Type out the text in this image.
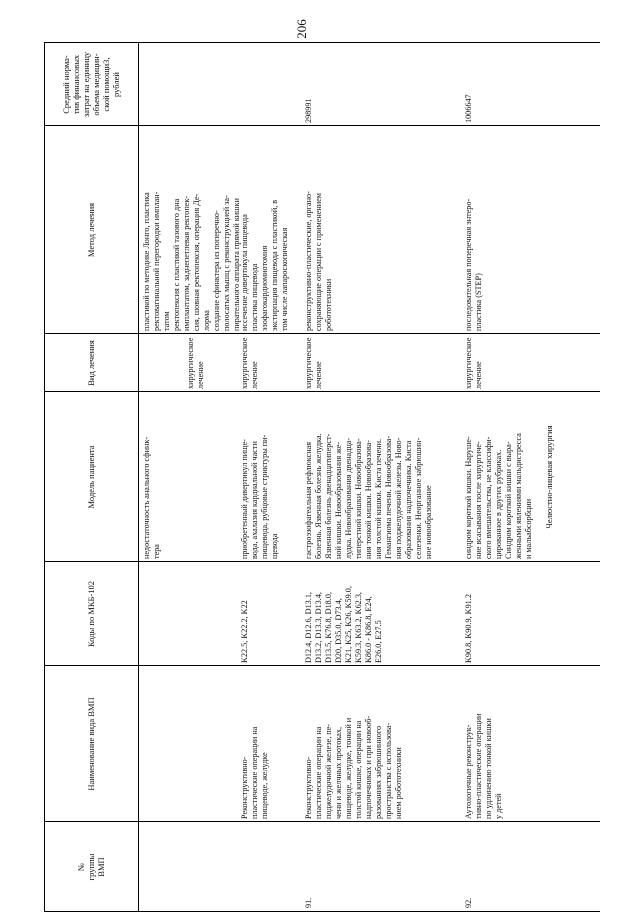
206
№ группы ВМП
Наименование вида ВМП
Коды по МКБ-102
Модель пациента
Вид лечения
Метод лечения
Средний норма- тив финансовых затрат на единицу объема медицин- ской помощи3, рублей
недостаточность анального сфинк- тера
хирургическое лечение
пластикой по методике Лонго, пластика ректовагинальной перегородки имплан- татом ректопексия с пластикой тазового дна имплантатом, заднепетлевая ректопек- сия, шовная ректопексия, операция Де- лорма создание сфинктера из поперечно- полосатых мышц с реконструкцией за- пирательного аппарата прямой кишки
Реконструктивно- пластические операции на пищеводе, желудке
K22.5, K22.2, K22
приобретенный дивертикул пище- вода, ахалазия кардиальной части пищевода, рубцовые стриктуры пи- щевода
хирургическое лечение
иссечение дивертикула пищевода пластика пищевода эзофагокардиомиотомия экстирпация пищевода с пластикой, в том числе лапароскопическая
91.
Реконструктивно- пластические операции на поджелудочной железе, пе- чени и желчных протоках, пищеводе, желудке, тонкой и толстой кишке, операции на надпочечниках и при новооб- разованиях забрюшинного пространства с использова- нием робототехники
D12.4, D12.6, D13.1, D13.2, D13.3, D13.4, D13.5, K76.8, D18.0, D20, D35.0, D73.4, K21, K25, K26, K59.0, K59.3, K63.2, K62.3, K86.0 - K86.8, E24, E26.0, E27.5
гастроэзофагеальная рефлюксная болезнь. Язвенная болезнь желудка. Язвенная болезнь двенадцатиперст- ной кишки. Новообразования же- лудка. Новообразования двенадца- типерстной кишки. Новообразова- ния тонкой кишки. Новообразова- ния толстой кишки. Киста печени. Гемангиома печени. Новообразова- ния поджелудочной железы. Ново- образования надпочечника. Киста селезенки. Неорганное забрюшин- ное новообразование
хирургическое лечение
реконструктивно-пластические, органо- сохраняющие операции с применением робототехники
298991
92.
Аутологичные реконструк- тивно-пластические операции по удлинению тонкой кишки у детей
K90.8, K90.9, K91.2
синдром короткой кишки. Наруше- ние всасывания после хирургиче- ского вмешательства, не классифи- цированное в других рубриках. Синдром короткой кишки с выра- женными явлениями мальдистресса и мальабсорбции
хирургическое лечение
последовательная поперечная энтеро- пластика (STEP)
1006647
Челюстно-лицевая хирургия
